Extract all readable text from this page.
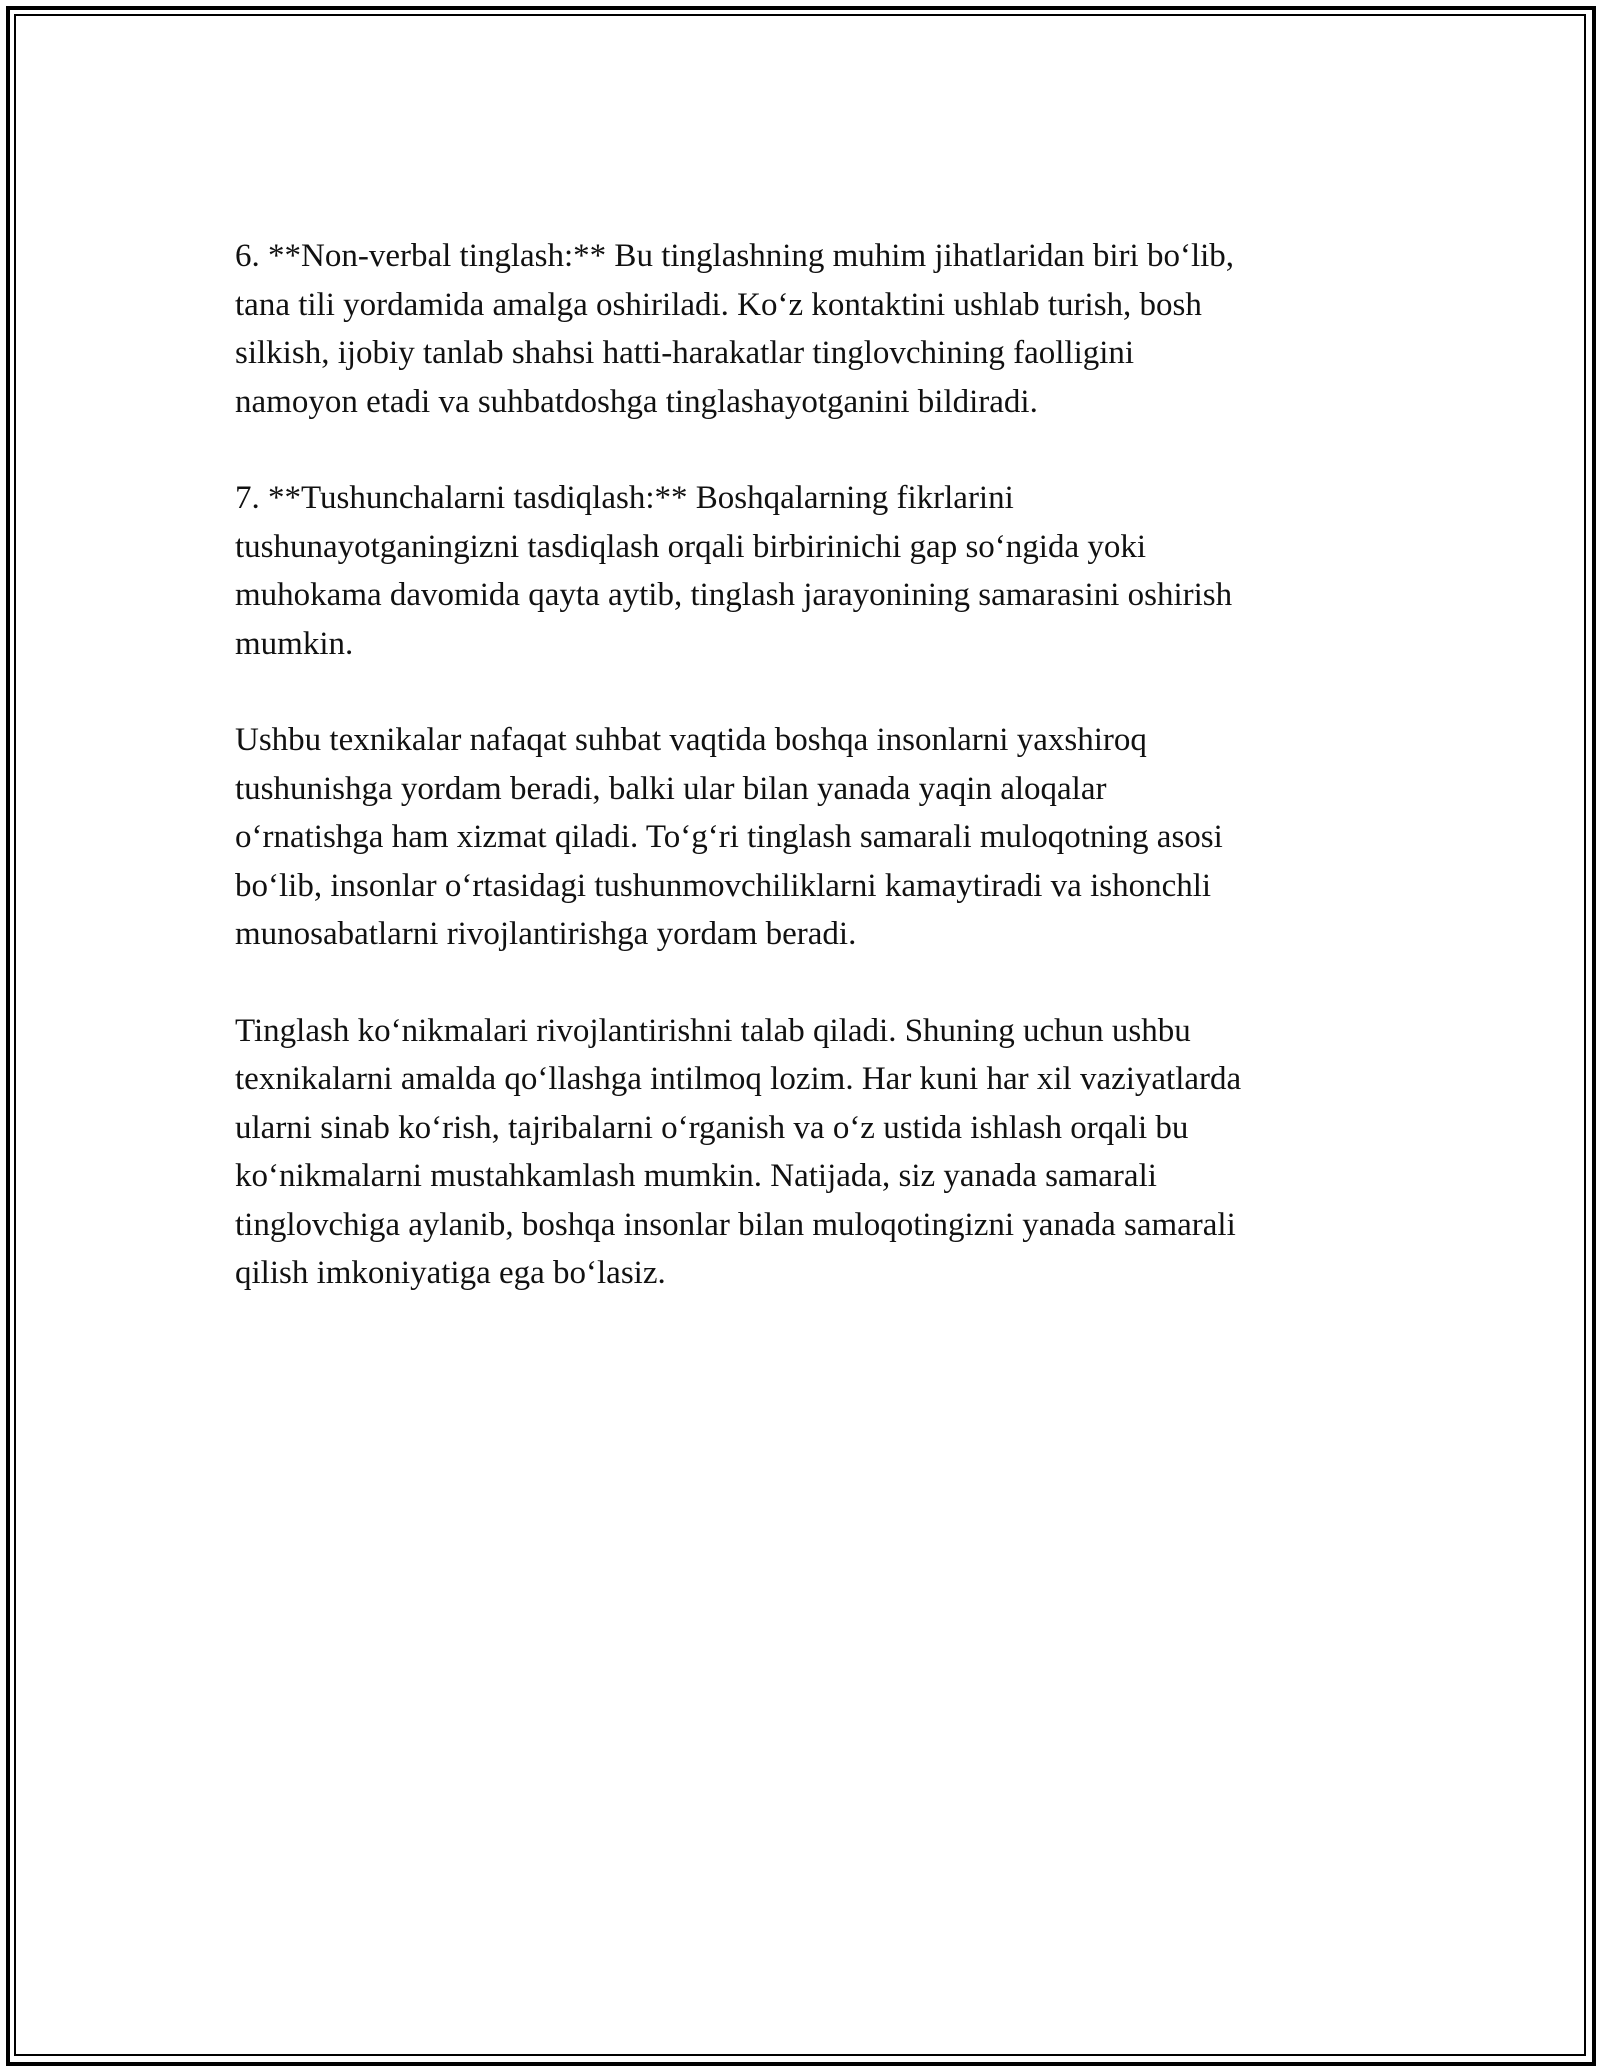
6. **Non-verbal tinglash:** Bu tinglashning muhim jihatlaridan biri bo‘lib,
tana tili yordamida amalga oshiriladi. Ko‘z kontaktini ushlab turish, bosh
silkish, ijobiy tanlab shahsi hatti-harakatlar tinglovchining faolligini
namoyon etadi va suhbatdoshga tinglashayotganini bildiradi.

7. **Tushunchalarni tasdiqlash:** Boshqalarning fikrlarini
tushunayotganingizni tasdiqlash orqali birbirinichi gap so‘ngida yoki
muhokama davomida qayta aytib, tinglash jarayonining samarasini oshirish
mumkin.

Ushbu texnikalar nafaqat suhbat vaqtida boshqa insonlarni yaxshiroq
tushunishga yordam beradi, balki ular bilan yanada yaqin aloqalar
o‘rnatishga ham xizmat qiladi. To‘g‘ri tinglash samarali muloqotning asosi
bo‘lib, insonlar o‘rtasidagi tushunmovchiliklarni kamaytiradi va ishonchli
munosabatlarni rivojlantirishga yordam beradi.

Tinglash ko‘nikmalari rivojlantirishni talab qiladi. Shuning uchun ushbu
texnikalarni amalda qo‘llashga intilmoq lozim. Har kuni har xil vaziyatlarda
ularni sinab ko‘rish, tajribalarni o‘rganish va o‘z ustida ishlash orqali bu
ko‘nikmalarni mustahkamlash mumkin. Natijada, siz yanada samarali
tinglovchiga aylanib, boshqa insonlar bilan muloqotingizni yanada samarali
qilish imkoniyatiga ega bo‘lasiz.
